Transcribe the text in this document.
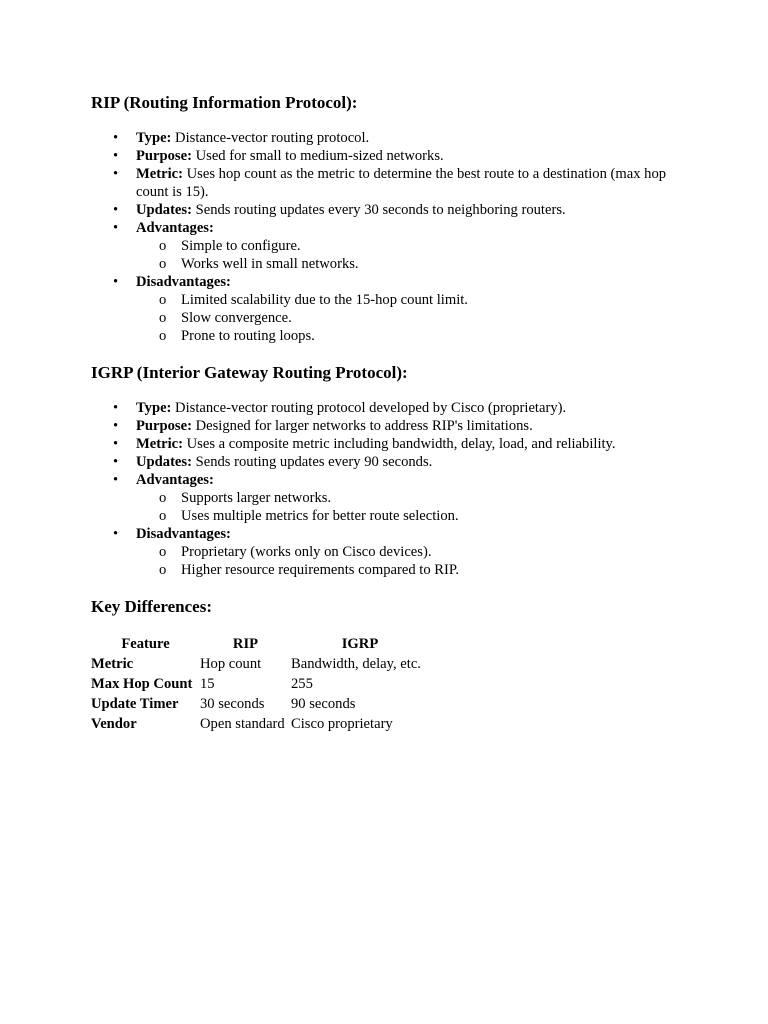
RIP (Routing Information Protocol):
• Type: Distance-vector routing protocol.
• Purpose: Used for small to medium-sized networks.
• Metric: Uses hop count as the metric to determine the best route to a destination (max hop count is 15).
• Updates: Sends routing updates every 30 seconds to neighboring routers.
• Advantages:
o Simple to configure.
o Works well in small networks.
• Disadvantages:
o Limited scalability due to the 15-hop count limit.
o Slow convergence.
o Prone to routing loops.
IGRP (Interior Gateway Routing Protocol):
• Type: Distance-vector routing protocol developed by Cisco (proprietary).
• Purpose: Designed for larger networks to address RIP's limitations.
• Metric: Uses a composite metric including bandwidth, delay, load, and reliability.
• Updates: Sends routing updates every 90 seconds.
• Advantages:
o Supports larger networks.
o Uses multiple metrics for better route selection.
• Disadvantages:
o Proprietary (works only on Cisco devices).
o Higher resource requirements compared to RIP.
Key Differences:
Feature	RIP	IGRP
Metric	Hop count	Bandwidth, delay, etc.
Max Hop Count	15	255
Update Timer	30 seconds	90 seconds
Vendor	Open standard	Cisco proprietary
